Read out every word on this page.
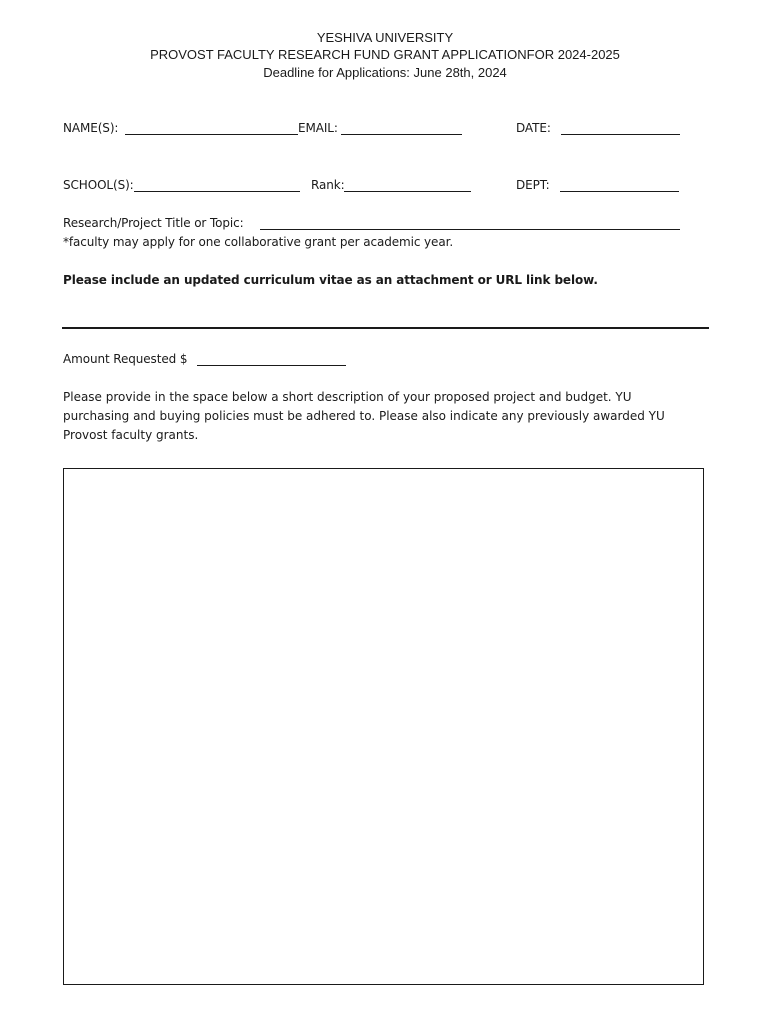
YESHIVA UNIVERSITY
PROVOST FACULTY RESEARCH FUND GRANT APPLICATIONFOR 2024-2025
Deadline for Applications: June 28th, 2024
NAME(S):	EMAIL:	DATE:
SCHOOL(S):	Rank:	DEPT:
Research/Project Title or Topic:
*faculty may apply for one collaborative grant per academic year.
Please include an updated curriculum vitae as an attachment or URL link below.
Amount Requested $
Please provide in the space below a short description of your proposed project and budget. YU
purchasing and buying policies must be adhered to. Please also indicate any previously awarded YU
Provost faculty grants.
